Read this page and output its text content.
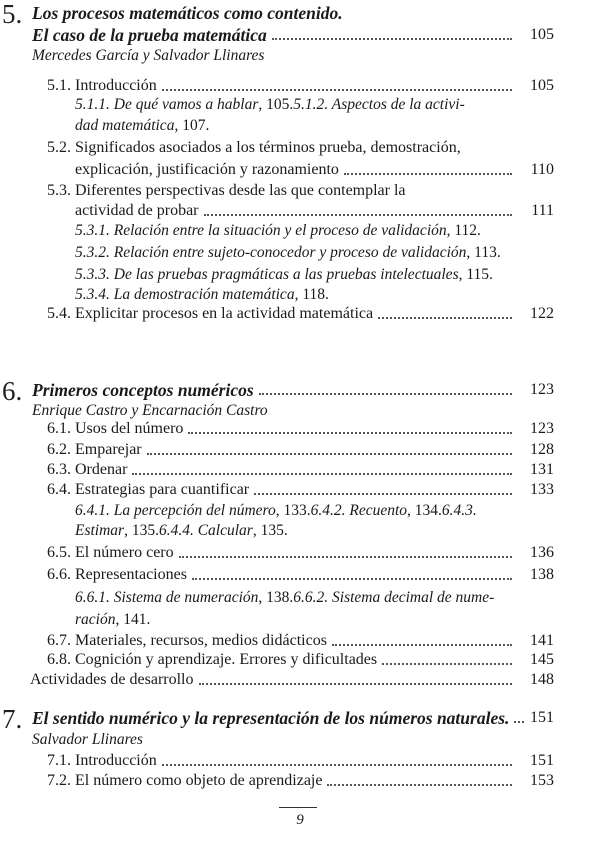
5. Los procesos matemáticos como contenido.
El caso de la prueba matemática	105
Mercedes García y Salvador Llinares
5.1. Introducción	105
5.1.1. De qué vamos a hablar , 105. 5.1.2. Aspectos de la activi-
dad matemática , 107.
5.2. Significados asociados a los términos prueba, demostración,
explicación, justificación y razonamiento	110
5.3. Diferentes perspectivas desde las que contemplar la
actividad de probar	111
5.3.1. Relación entre la situación y el proceso de validación , 112.
5.3.2. Relación entre sujeto-conocedor y proceso de validación , 113.
5.3.3. De las pruebas pragmáticas a las pruebas intelectuales , 115.
5.3.4. La demostración matemática , 118.
5.4. Explicitar procesos en la actividad matemática	122
6. Primeros conceptos numéricos	123
Enrique Castro y Encarnación Castro
6.1. Usos del número	123
6.2. Emparejar	128
6.3. Ordenar	131
6.4. Estrategias para cuantificar	133
6.4.1. La percepción del número , 133. 6.4.2. Recuento , 134. 6.4.3.
Estimar , 135. 6.4.4. Calcular , 135.
6.5. El número cero	136
6.6. Representaciones	138
6.6.1. Sistema de numeración , 138. 6.6.2. Sistema decimal de nume-
ración , 141.
6.7. Materiales, recursos, medios didácticos	141
6.8. Cognición y aprendizaje. Errores y dificultades	145
Actividades de desarrollo	148
7. El sentido numérico y la representación de los números naturales.	151
Salvador Llinares
7.1. Introducción	151
7.2. El número como objeto de aprendizaje	153
9
